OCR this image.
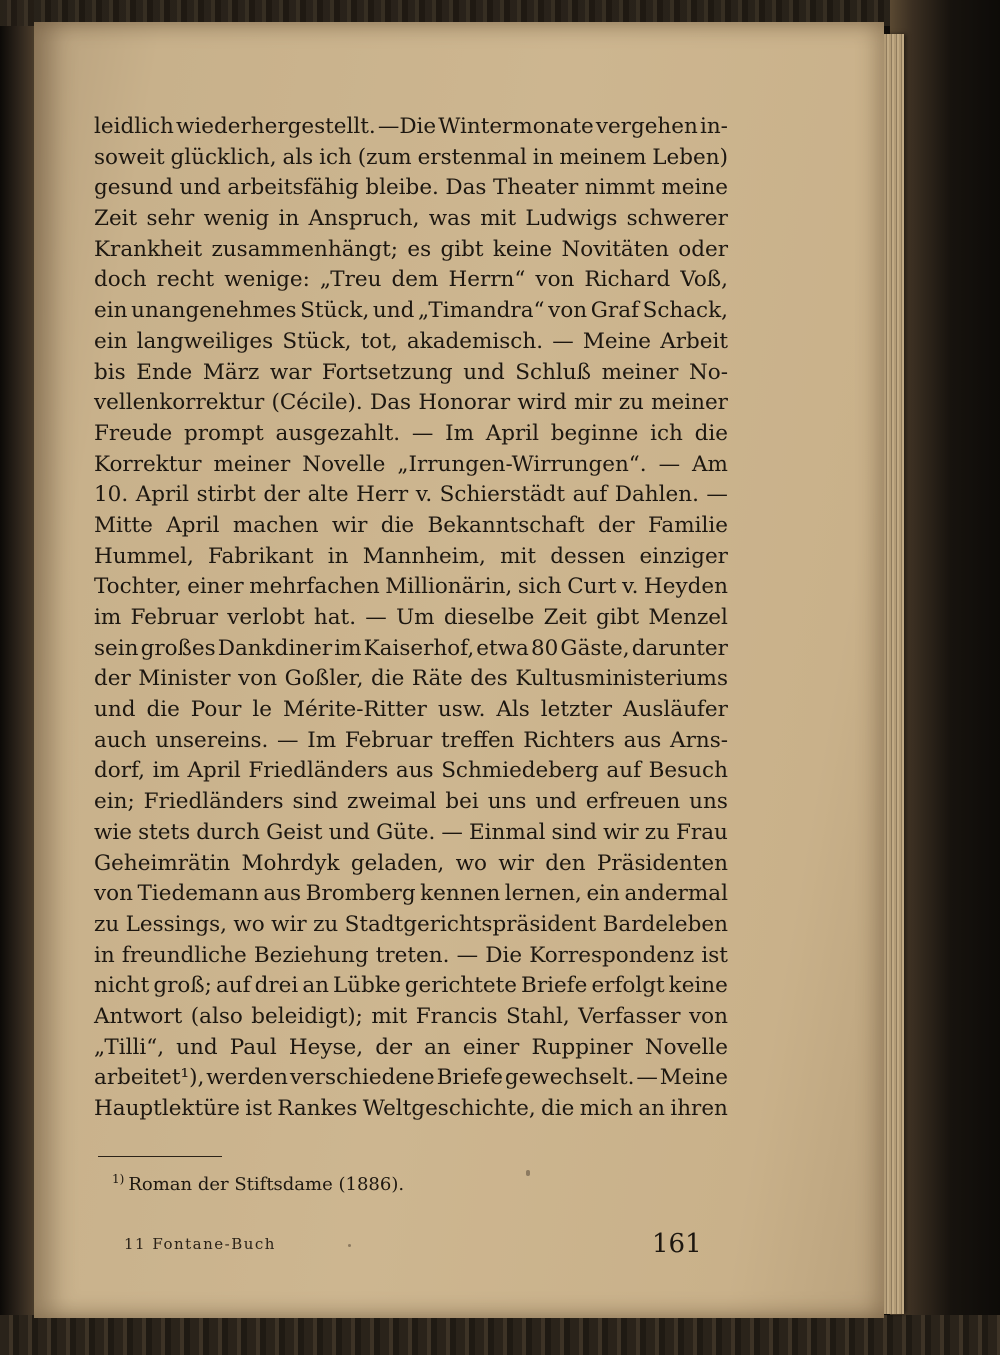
leidlich wiederhergestellt. —Die Wintermonate vergehen in-
soweit glücklich, als ich (zum erstenmal in meinem Leben)
gesund und arbeitsfähig bleibe. Das Theater nimmt meine
Zeit sehr wenig in Anspruch, was mit Ludwigs schwerer
Krankheit zusammenhängt; es gibt keine Novitäten oder
doch recht wenige: „Treu dem Herrn“ von Richard Voß,
ein unangenehmes Stück, und „Timandra“ von Graf Schack,
ein langweiliges Stück, tot, akademisch. — Meine Arbeit
bis Ende März war Fortsetzung und Schluß meiner No-
vellenkorrektur (Cécile). Das Honorar wird mir zu meiner
Freude prompt ausgezahlt. — Im April beginne ich die
Korrektur meiner Novelle „Irrungen-Wirrungen“. — Am
10. April stirbt der alte Herr v. Schierstädt auf Dahlen. —
Mitte April machen wir die Bekanntschaft der Familie
Hummel, Fabrikant in Mannheim, mit dessen einziger
Tochter, einer mehrfachen Millionärin, sich Curt v. Heyden
im Februar verlobt hat. — Um dieselbe Zeit gibt Menzel
sein großes Dankdiner im Kaiserhof, etwa 80 Gäste, darunter
der Minister von Goßler, die Räte des Kultusministeriums
und die Pour le Mérite-Ritter usw. Als letzter Ausläufer
auch unsereins. — Im Februar treffen Richters aus Arns-
dorf, im April Friedländers aus Schmiedeberg auf Besuch
ein; Friedländers sind zweimal bei uns und erfreuen uns
wie stets durch Geist und Güte. — Einmal sind wir zu Frau
Geheimrätin Mohrdyk geladen, wo wir den Präsidenten
von Tiedemann aus Bromberg kennen lernen, ein andermal
zu Lessings, wo wir zu Stadtgerichtspräsident Bardeleben
in freundliche Beziehung treten. — Die Korrespondenz ist
nicht groß; auf drei an Lübke gerichtete Briefe erfolgt keine
Antwort (also beleidigt); mit Francis Stahl, Verfasser von
„Tilli“, und Paul Heyse, der an einer Ruppiner Novelle
arbeitet¹), werden verschiedene Briefe gewechselt. — Meine
Hauptlektüre ist Rankes Weltgeschichte, die mich an ihren
$^{1)}$ Roman der Stiftsdame (1886).
11 Fontane-Buch	161
